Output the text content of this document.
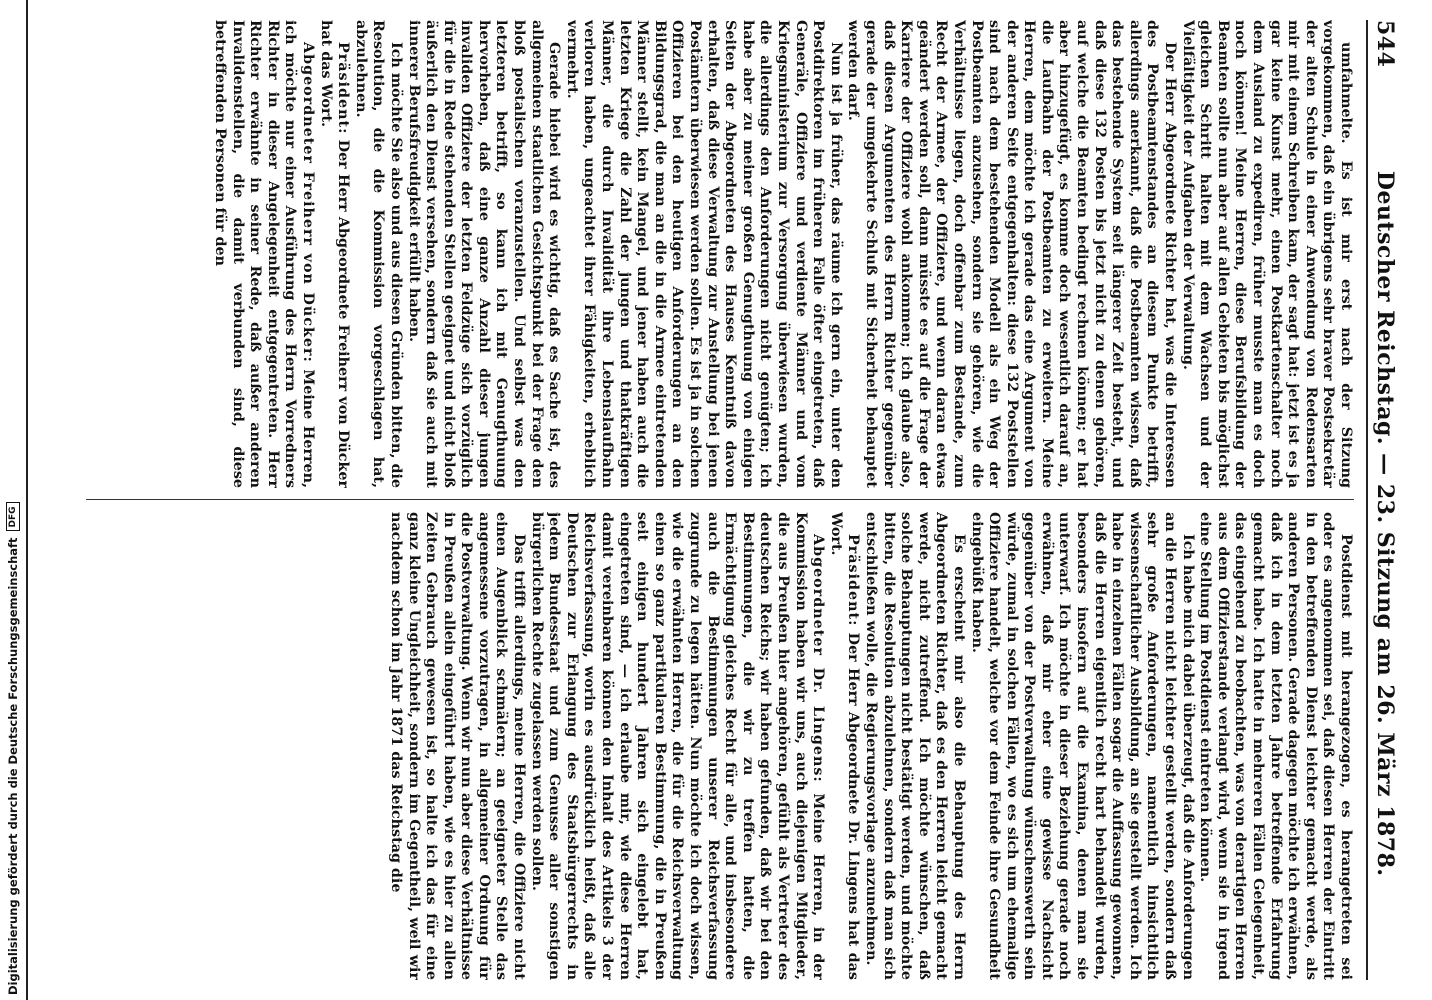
Digitalisierung gefördert durch die Deutsche Forschungsgemeinschaft
DFG
544
Deutscher Reichstag. — 23. Sitzung am 26. März 1878.

umfahmelte. Es ist mir erst nach der Sitzung vorgekommen, daß ein übrigens sehr braver Postsekretär der alten Schule in einer Anwendung von Redensarten mir mit einem Schreiben kam, der sagt hat: jetzt ist es ja gar keine Kunst mehr, einen Postkartenschalter noch dem Ausland zu expediren, früher musste man es doch noch können! Meine Herren, diese Berufsbildung der Beamten sollte nun aber auf allen Gebieten bis möglichst gleichen Schritt halten mit dem Wachsen und der Vielfältigkeit der Aufgaben der Verwaltung.

Der Herr Abgeordnete Richter hat, was die Interessen des Postbeamtenstandes an diesem Punkte betrifft, allerdings anerkannt, daß die Postbeamten wissen, daß das bestehende System seit längerer Zeit besteht, und daß diese 132 Posten bis jetzt nicht zu denen gehören, auf welche die Beamten bedingt rechnen können; er hat aber hinzugefügt, es komme doch wesentlich darauf an, die Laufbahn der Postbeamten zu erweitern. Meine Herren, dem möchte ich gerade das eine Argument von der anderen Seite entgegenhalten: diese 132 Poststellen sind nach dem bestehenden Modell als ein Weg der Postbeamten anzusehen, sondern sie gehören, wie die Verhältnisse liegen, doch offenbar zum Bestande, zum Recht der Armee, der Offiziere, und wenn daran etwas geändert werden soll, dann müsste es auf die Frage der Karriere der Offiziere wohl ankommen; ich glaube also, daß diesen Argumenten des Herrn Richter gegenüber gerade der umgekehrte Schluß mit Sicherheit behauptet werden darf.

Nun ist ja früher, das räume ich gern ein, unter den Postdirektoren im früheren Falle öfter eingetreten, daß Generäle, Offiziere und verdiente Männer und vom Kriegsministerium zur Versorgung überwiesen wurden, die allerdings den Anforderungen nicht genügten; ich habe aber zu meiner großen Genugthuung von einigen Seiten der Abgeordneten des Hauses Kenntniß davon erhalten, daß diese Verwaltung zur Anstellung bei jenen Postämtern überwiesen werden sollen. Es ist ja in solchen Offizieren bei den heutigen Anforderungen an den Bildungsgrad, die man an die in die Armee eintretenden Männer stellt, kein Mangel, und jener haben auch die letzten Kriege die Zahl der jungen und thatkräftigen Männer, die durch Invalidität ihre Lebenslaufbahn verloren haben, ungeachtet ihrer Fähigkeiten, erheblich vermehrt.

Gerade hiebei wird es wichtig, daß es Sache ist, des allgemeinen staatlichen Gesichtspunkt bei der Frage den bloß postalischen voranzustellen. Und selbst was den letzteren betrifft, so kann ich mit Genugthuung hervorheben, daß eine ganze Anzahl dieser jungen invaliden Offiziere der letzten Feldzüge sich vorzüglich für die in Rede stehenden Stellen geeignet und nicht bloß äußerlich den Dienst versehen, sondern daß sie auch mit innerer Berufsfreudigkeit erfüllt haben.

Ich möchte Sie also und aus diesen Gründen bitten, die Resolution, die die Kommission vorgeschlagen hat, abzulehnen.

Präsident: Der Herr Abgeordnete Freiherr von Dücker hat das Wort.

Abgeordneter Freiherr von Dücker: Meine Herren, ich möchte nur einer Ausführung des Herrn Vorredners Richter in dieser Angelegenheit entgegentreten. Herr Richter erwähnte in seiner Rede, daß außer anderen Invalidenstellen, die damit verbunden sind, diese betreffenden Personen für den

Postdienst mit herangezogen, es herangetreten sei oder es angenommen sei, daß diesen Herren der Eintritt in den betreffenden Dienst leichter gemacht werde, als anderen Personen. Gerade dagegen möchte ich erwähnen, daß ich in dem letzten Jahre betreffende Erfahrung gemacht habe. Ich hatte in mehreren Fällen Gelegenheit, das eingehend zu beobachten, was von derartigen Herren aus dem Offizierstande verlangt wird, wenn sie in irgend eine Stellung im Postdienst eintreten können.

Ich habe mich dabei überzeugt, daß die Anforderungen an die Herren nicht leichter gestellt werden, sondern daß sehr große Anforderungen, namentlich hinsichtlich wissenschaftlicher Ausbildung, an sie gestellt werden. Ich habe in einzelnen Fällen sogar die Auffassung gewonnen, daß die Herren eigentlich recht hart behandelt wurden, besonders insofern auf die Examina, denen man sie unterwarf. Ich möchte in dieser Beziehung gerade noch erwähnen, daß mir eher eine gewisse Nachsicht gegenüber von der Postverwaltung wünschenswerth sein würde, zumal in solchen Fällen, wo es sich um ehemalige Offiziere handelt, welche vor dem Feinde ihre Gesundheit eingebüßt haben.

Es erscheint mir also die Behauptung des Herrn Abgeordneten Richter, daß es den Herren leicht gemacht werde, nicht zutreffend. Ich möchte wünschen, daß solche Behauptungen nicht bestätigt werden, und möchte bitten, die Resolution abzulehnen, sondern daß man sich entschließen wolle, die Regierungsvorlage anzunehmen.

Präsident: Der Herr Abgeordnete Dr. Lingens hat das Wort.

Abgeordneter Dr. Lingens: Meine Herren, in der Kommission haben wir uns, auch diejenigen Mitglieder, die aus Preußen hier angehören, gefühlt als Vertreter des deutschen Reichs; wir haben gefunden, daß wir bei den Bestimmungen, die wir zu treffen hatten, die Ermächtigung gleiches Recht für alle, und insbesondere auch die Bestimmungen unserer Reichsverfassung zugrunde zu legen hätten. Nun möchte ich doch wissen, wie die erwähnten Herren, die für die Reichsverwaltung einen so ganz partikularen Bestimmung, die in Preußen seit einigen hundert Jahren sich eingelebt hat, eingetreten sind, — ich erlaube mir, wie diese Herren damit vereinbaren können den Inhalt des Artikels 3 der Reichsverfassung, worin es ausdrücklich heißt, daß alle Deutschen zur Erlangung des Staatsbürgerrechts in jedem Bundesstaat und zum Genusse aller sonstigen bürgerlichen Rechte zugelassen werden sollen.

Das trifft allerdings, meine Herren, die Offiziere nicht einen Augenblick schmälern; an geeigneter Stelle das angemessene vorzutragen, in allgemeiner Ordnung für die Postverwaltung. Wenn wir nun aber diese Verhältnisse in Preußen allein eingeführt haben, wie es hier zu allen Zeiten Gebrauch gewesen ist, so halte ich das für eine ganz kleine Ungleichheit, sondern im Gegentheil, weil wir nachdem schon im Jahr 1871 das Reichstag die
